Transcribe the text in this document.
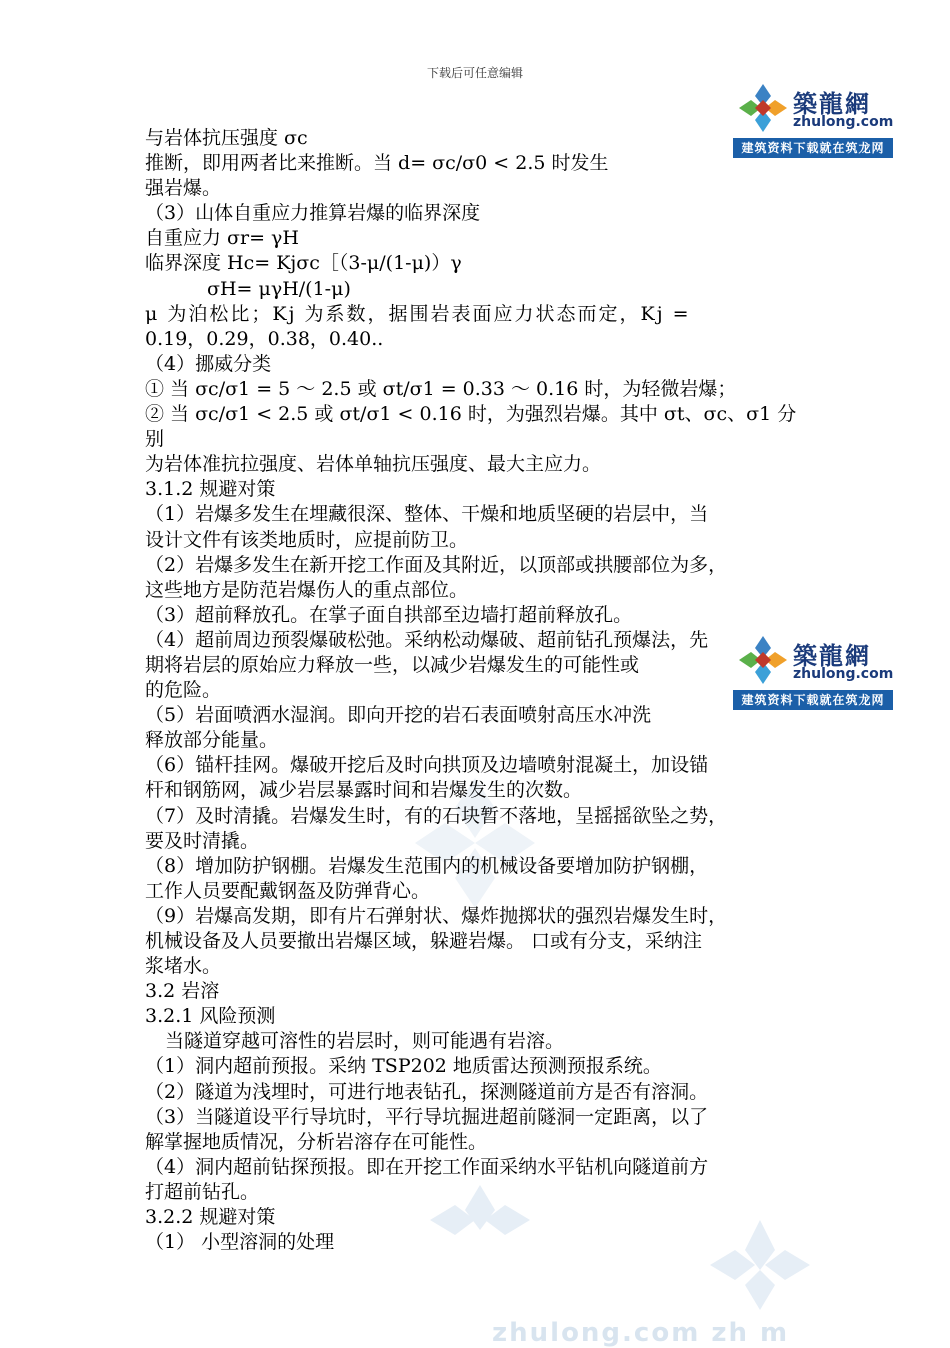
下载后可任意编辑
築龍網
zhulong.com
建筑资料下载就在筑龙网
zhulong.com zh m

与岩体抗压强度 σc

推断，即用两者比来推断。当 d= σc/σ0 < 2.5 时发生

强岩爆。

（3）山体自重应力推算岩爆的临界深度

自重应力 σr= γH

临界深度 Hc= Kjσc［（3-μ/(1-μ)）γ

σH= μγH/(1-μ)

μ 为泊松比；Kj 为系数，据围岩表面应力状态而定，Kj =

0.19，0.29，0.38，0.40..

（4）挪威分类

① 当 σc/σ1 = 5 ～ 2.5 或 σt/σ1 = 0.33 ～ 0.16 时，为轻微岩爆；

② 当 σc/σ1 < 2.5 或 σt/σ1 < 0.16 时，为强烈岩爆。其中 σt、σc、σ1 分别

为岩体准抗拉强度、岩体单轴抗压强度、最大主应力。

3.1.2 规避对策

（1）岩爆多发生在埋藏很深、整体、干燥和地质坚硬的岩层中，当

设计文件有该类地质时，应提前防卫。

（2）岩爆多发生在新开挖工作面及其附近，以顶部或拱腰部位为多，

这些地方是防范岩爆伤人的重点部位。

（3）超前释放孔。在掌子面自拱部至边墙打超前释放孔。

（4）超前周边预裂爆破松弛。采纳松动爆破、超前钻孔预爆法，先

期将岩层的原始应力释放一些，以减少岩爆发生的可能性或

的危险。

（5）岩面喷洒水湿润。即向开挖的岩石表面喷射高压水冲洗

释放部分能量。

（6）锚杆挂网。爆破开挖后及时向拱顶及边墙喷射混凝土，加设锚

杆和钢筋网，减少岩层暴露时间和岩爆发生的次数。

（7）及时清撬。岩爆发生时，有的石块暂不落地，呈摇摇欲坠之势，

要及时清撬。

（8）增加防护钢棚。岩爆发生范围内的机械设备要增加防护钢棚，

工作人员要配戴钢盔及防弹背心。

（9）岩爆高发期，即有片石弹射状、爆炸抛掷状的强烈岩爆发生时，

机械设备及人员要撤出岩爆区域，躲避岩爆。 口或有分支，采纳注

浆堵水。

3.2 岩溶

3.2.1 风险预测

当隧道穿越可溶性的岩层时，则可能遇有岩溶。

（1）洞内超前预报。采纳 TSP202 地质雷达预测预报系统。

（2）隧道为浅埋时，可进行地表钻孔，探测隧道前方是否有溶洞。

（3）当隧道设平行导坑时，平行导坑掘进超前隧洞一定距离，以了

解掌握地质情况，分析岩溶存在可能性。

（4）洞内超前钻探预报。即在开挖工作面采纳水平钻机向隧道前方

打超前钻孔。

3.2.2 规避对策

（1） 小型溶洞的处理

築龍網
zhulong.com
建筑资料下载就在筑龙网
